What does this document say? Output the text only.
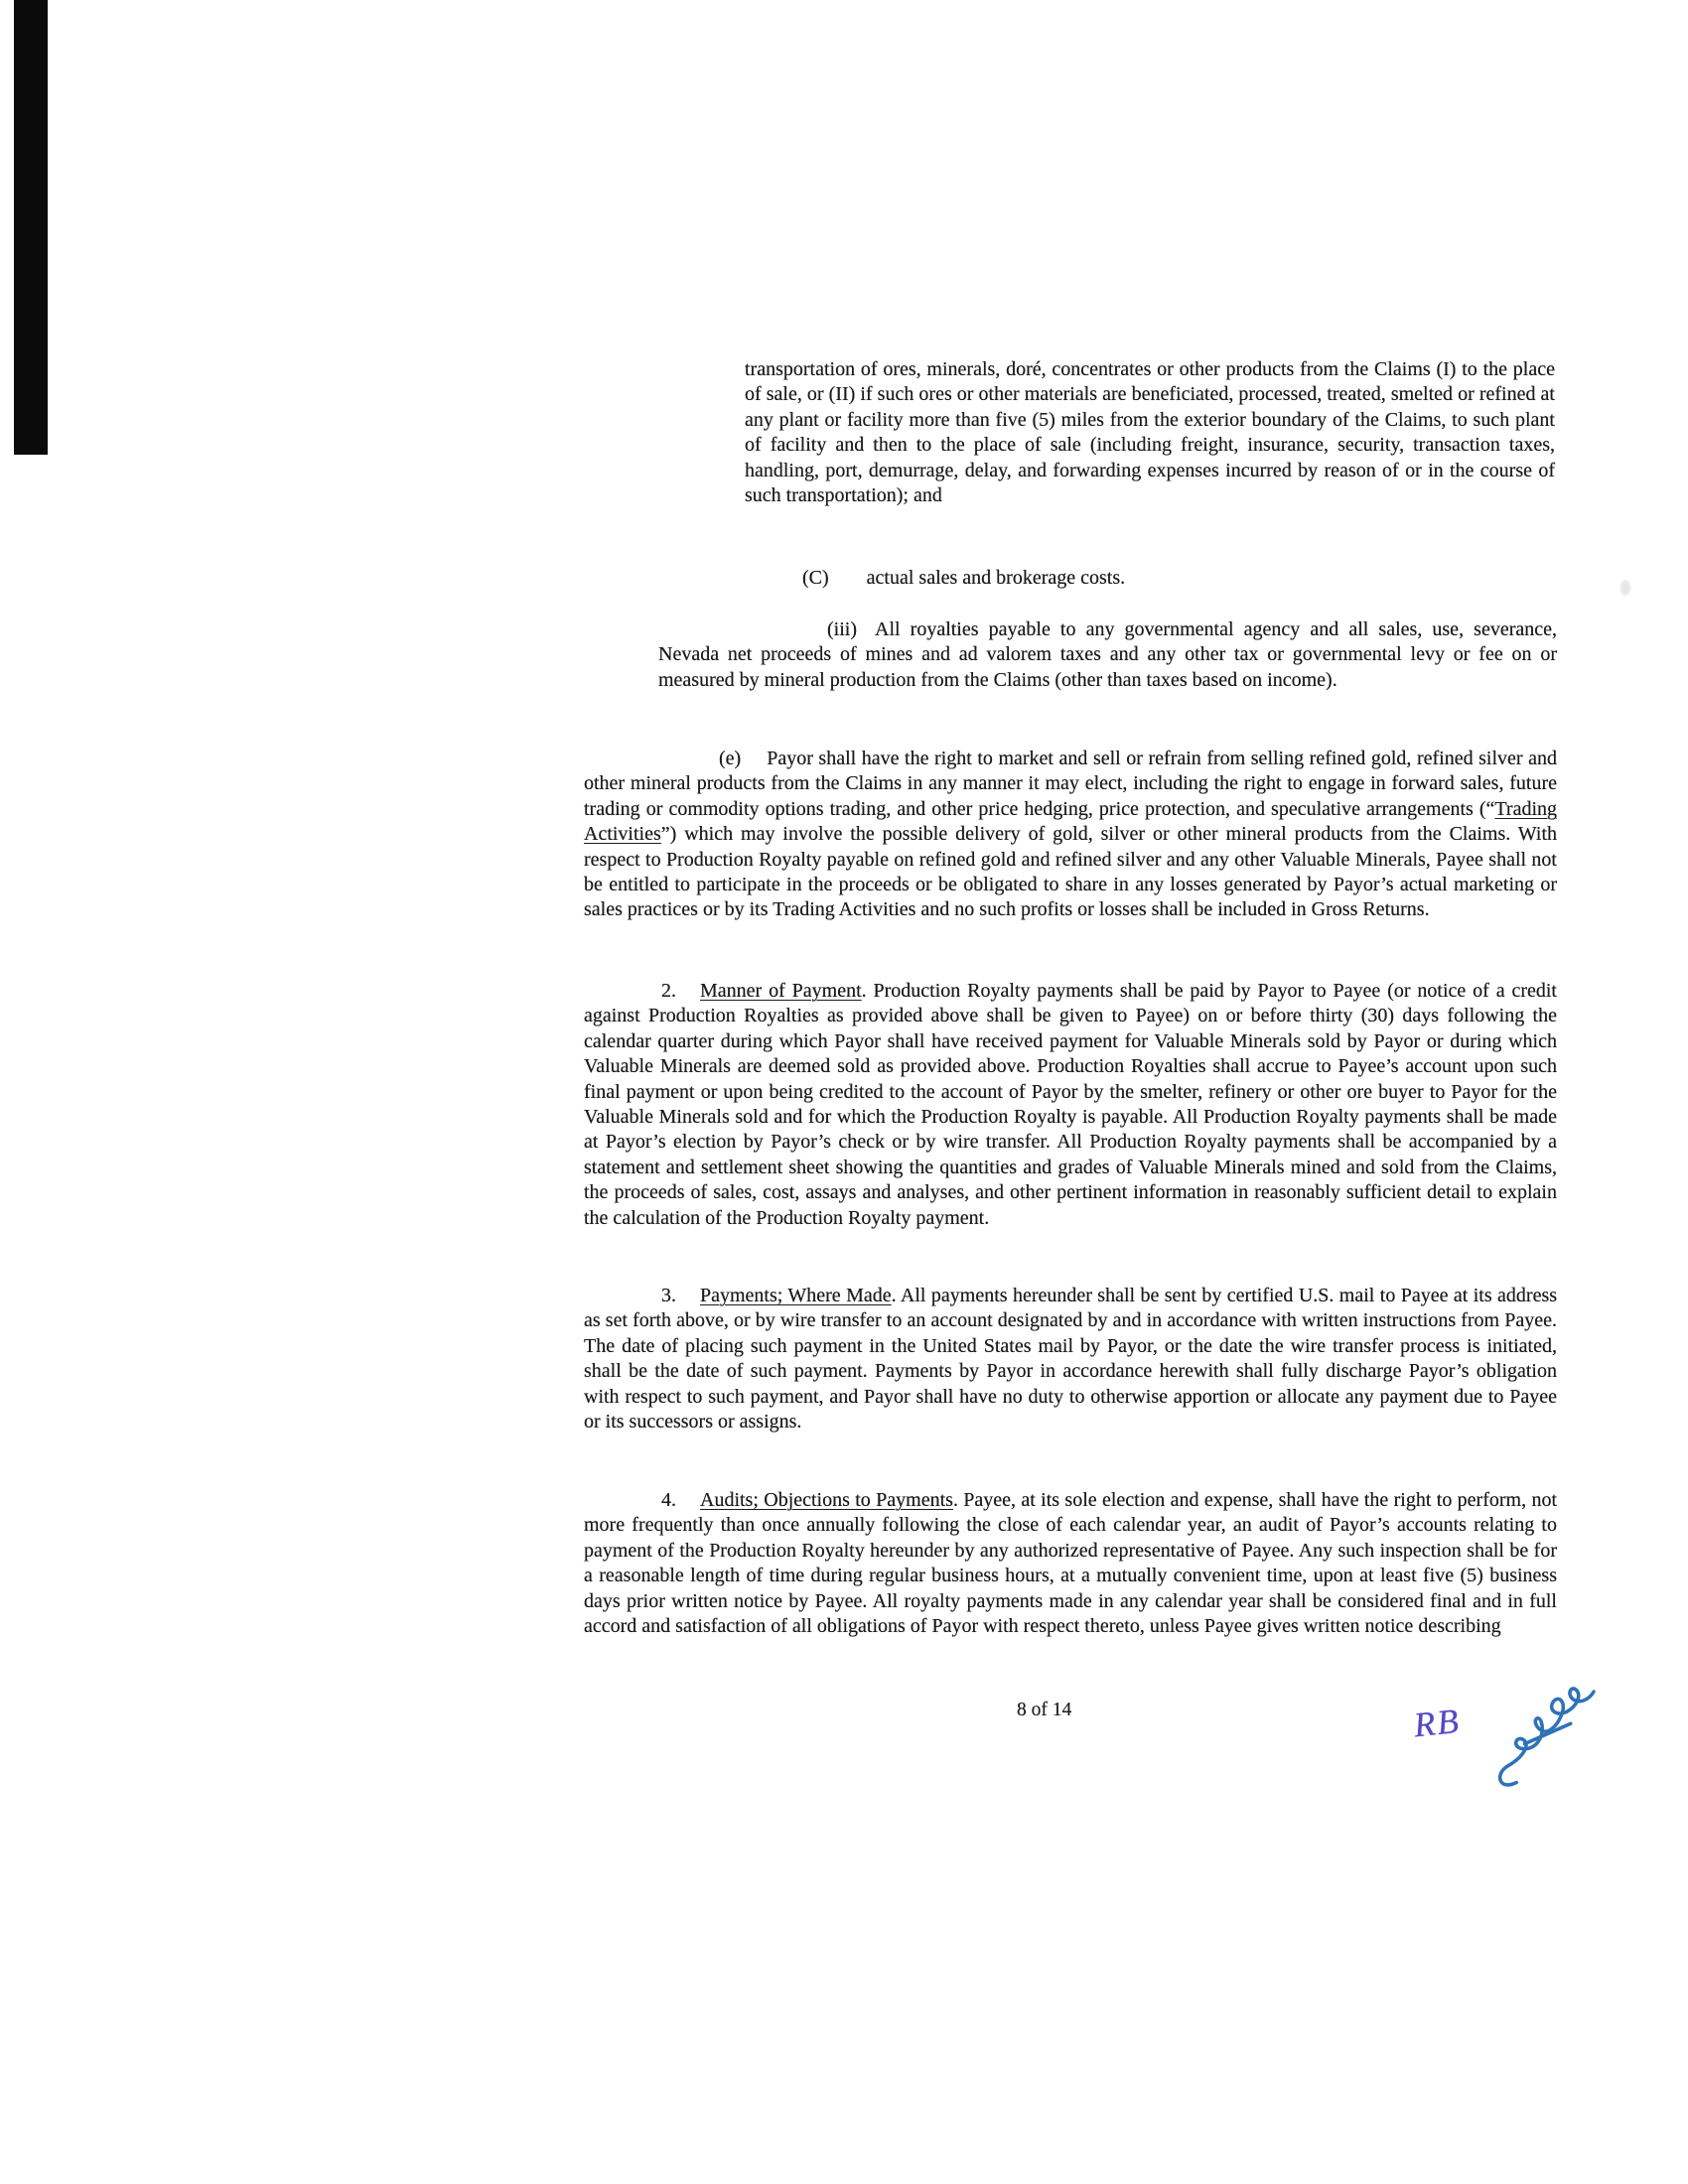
transportation of ores, minerals, doré, concentrates or other products from the Claims (I) to the place of sale, or (II) if such ores or other materials are beneficiated, processed, treated, smelted or refined at any plant or facility more than five (5) miles from the exterior boundary of the Claims, to such plant of facility and then to the place of sale (including freight, insurance, security, transaction taxes, handling, port, demurrage, delay, and forwarding expenses incurred by reason of or in the course of such transportation); and

(C) actual sales and brokerage costs.

(iii) All royalties payable to any governmental agency and all sales, use, severance, Nevada net proceeds of mines and ad valorem taxes and any other tax or governmental levy or fee on or measured by mineral production from the Claims (other than taxes based on income).

(e) Payor shall have the right to market and sell or refrain from selling refined gold, refined silver and other mineral products from the Claims in any manner it may elect, including the right to engage in forward sales, future trading or commodity options trading, and other price hedging, price protection, and speculative arrangements (“Trading Activities”) which may involve the possible delivery of gold, silver or other mineral products from the Claims. With respect to Production Royalty payable on refined gold and refined silver and any other Valuable Minerals, Payee shall not be entitled to participate in the proceeds or be obligated to share in any losses generated by Payor’s actual marketing or sales practices or by its Trading Activities and no such profits or losses shall be included in Gross Returns.

2. Manner of Payment. Production Royalty payments shall be paid by Payor to Payee (or notice of a credit against Production Royalties as provided above shall be given to Payee) on or before thirty (30) days following the calendar quarter during which Payor shall have received payment for Valuable Minerals sold by Payor or during which Valuable Minerals are deemed sold as provided above. Production Royalties shall accrue to Payee’s account upon such final payment or upon being credited to the account of Payor by the smelter, refinery or other ore buyer to Payor for the Valuable Minerals sold and for which the Production Royalty is payable. All Production Royalty payments shall be made at Payor’s election by Payor’s check or by wire transfer. All Production Royalty payments shall be accompanied by a statement and settlement sheet showing the quantities and grades of Valuable Minerals mined and sold from the Claims, the proceeds of sales, cost, assays and analyses, and other pertinent information in reasonably sufficient detail to explain the calculation of the Production Royalty payment.

3. Payments; Where Made. All payments hereunder shall be sent by certified U.S. mail to Payee at its address as set forth above, or by wire transfer to an account designated by and in accordance with written instructions from Payee. The date of placing such payment in the United States mail by Payor, or the date the wire transfer process is initiated, shall be the date of such payment. Payments by Payor in accordance herewith shall fully discharge Payor’s obligation with respect to such payment, and Payor shall have no duty to otherwise apportion or allocate any payment due to Payee or its successors or assigns.

4. Audits; Objections to Payments. Payee, at its sole election and expense, shall have the right to perform, not more frequently than once annually following the close of each calendar year, an audit of Payor’s accounts relating to payment of the Production Royalty hereunder by any authorized representative of Payee. Any such inspection shall be for a reasonable length of time during regular business hours, at a mutually convenient time, upon at least five (5) business days prior written notice by Payee. All royalty payments made in any calendar year shall be considered final and in full accord and satisfaction of all obligations of Payor with respect thereto, unless Payee gives written notice describing

8 of 14	RB
